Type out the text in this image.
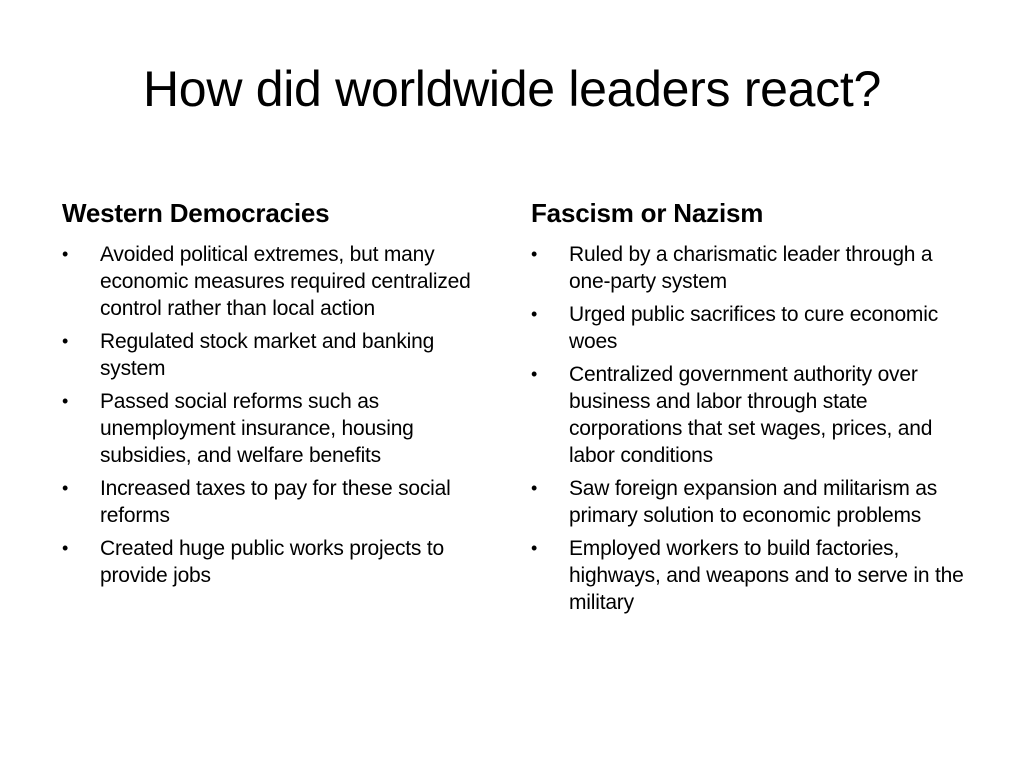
How did worldwide leaders react?
Western Democracies
• Avoided political extremes, but many economic measures required centralized control rather than local action
• Regulated stock market and banking system
• Passed social reforms such as unemployment insurance, housing subsidies, and welfare benefits
• Increased taxes to pay for these social reforms
• Created huge public works projects to provide jobs
Fascism or Nazism
• Ruled by a charismatic leader through a one-party system
• Urged public sacrifices to cure economic woes
• Centralized government authority over business and labor through state corporations that set wages, prices, and labor conditions
• Saw foreign expansion and militarism as primary solution to economic problems
• Employed workers to build factories, highways, and weapons and to serve in the military
